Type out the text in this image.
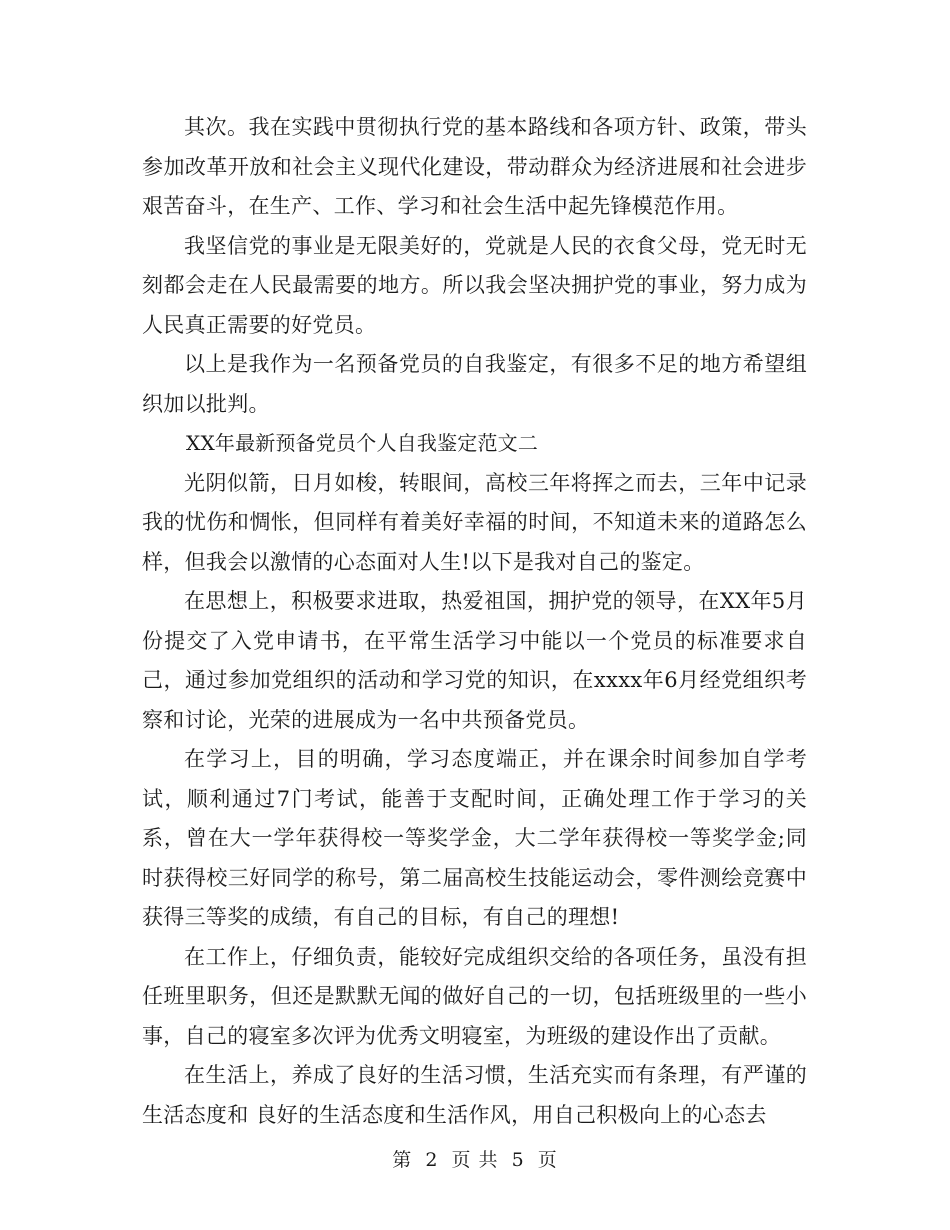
其次。我在实践中贯彻执行党的基本路线和各项方针、政策，带头参加改革开放和社会主义现代化建设，带动群众为经济进展和社会进步艰苦奋斗，在生产、工作、学习和社会生活中起先锋模范作用。

我坚信党的事业是无限美好的，党就是人民的衣食父母，党无时无刻都会走在人民最需要的地方。所以我会坚决拥护党的事业，努力成为人民真正需要的好党员。

以上是我作为一名预备党员的自我鉴定，有很多不足的地方希望组织加以批判。

XX年最新预备党员个人自我鉴定范文二

光阴似箭，日月如梭，转眼间，高校三年将挥之而去，三年中记录我的忧伤和惆怅，但同样有着美好幸福的时间，不知道未来的道路怎么样，但我会以激情的心态面对人生!以下是我对自己的鉴定。

在思想上，积极要求进取，热爱祖国，拥护党的领导，在XX年5月份提交了入党申请书，在平常生活学习中能以一个党员的标准要求自己，通过参加党组织的活动和学习党的知识，在xxxx年6月经党组织考察和讨论，光荣的进展成为一名中共预备党员。

在学习上，目的明确，学习态度端正，并在课余时间参加自学考试，顺利通过7门考试，能善于支配时间，正确处理工作于学习的关系，曾在大一学年获得校一等奖学金，大二学年获得校一等奖学金;同时获得校三好同学的称号，第二届高校生技能运动会，零件测绘竞赛中获得三等奖的成绩，有自己的目标，有自己的理想!

在工作上，仔细负责，能较好完成组织交给的各项任务，虽没有担任班里职务，但还是默默无闻的做好自己的一切，包括班级里的一些小事，自己的寝室多次评为优秀文明寝室，为班级的建设作出了贡献。

在生活上，养成了良好的生活习惯，生活充实而有条理，有严谨的生活态度和 良好的生活态度和生活作风，用自己积极向上的心态去

第 2 页 共 5 页
